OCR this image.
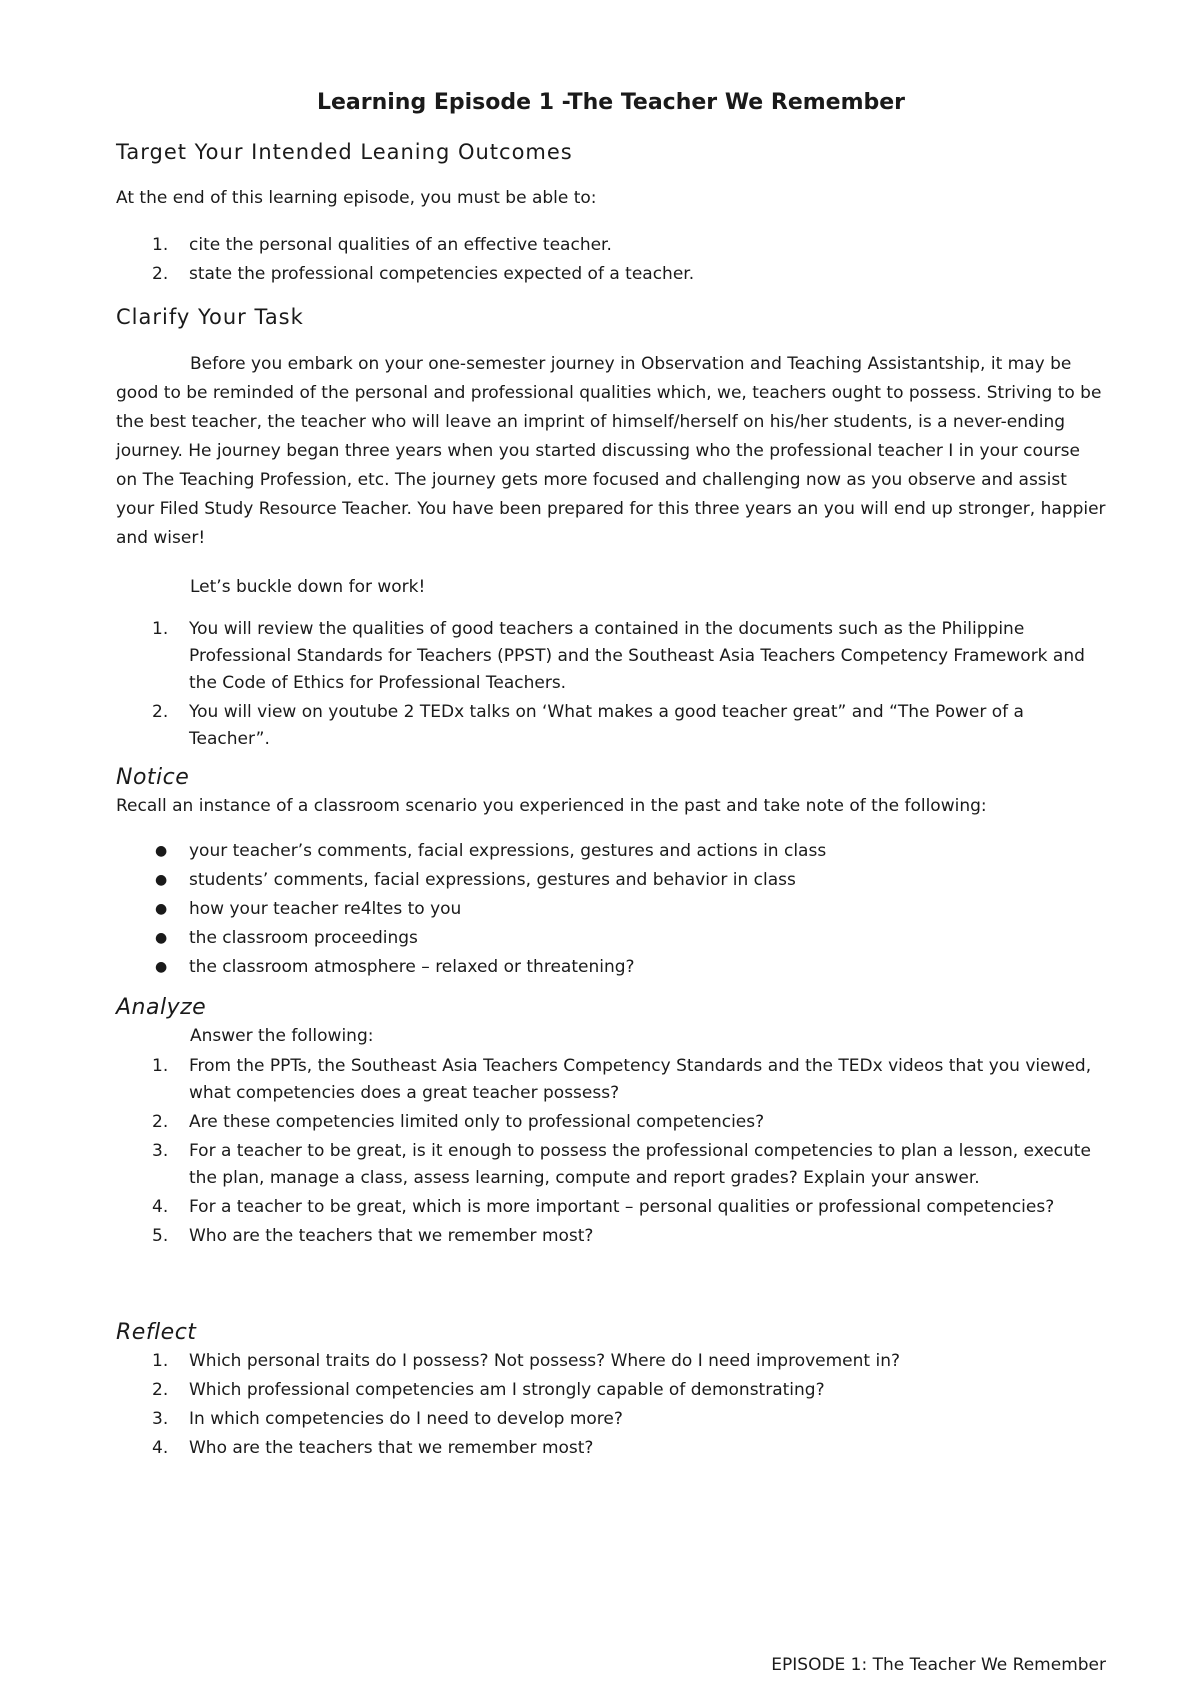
Learning Episode 1 -The Teacher We Remember
Target Your Intended Leaning Outcomes

At the end of this learning episode, you must be able to:

1. cite the personal qualities of an effective teacher.
2. state the professional competencies expected of a teacher.
Clarify Your Task

Before you embark on your one-semester journey in Observation and Teaching Assistantship, it may be good to be reminded of the personal and professional qualities which, we, teachers ought to possess. Striving to be the best teacher, the teacher who will leave an imprint of himself/herself on his/her students, is a never-ending journey. He journey began three years when you started discussing who the professional teacher I in your course on The Teaching Profession, etc. The journey gets more focused and challenging now as you observe and assist your Filed Study Resource Teacher. You have been prepared for this three years an you will end up stronger, happier and wiser!

Let’s buckle down for work!

1. You will review the qualities of good teachers a contained in the documents such as the Philippine Professional Standards for Teachers (PPST) and the Southeast Asia Teachers Competency Framework and the Code of Ethics for Professional Teachers.
2. You will view on youtube 2 TEDx talks on ‘What makes a good teacher great” and “The Power of a Teacher”.
Notice

Recall an instance of a classroom scenario you experienced in the past and take note of the following:

● your teacher’s comments, facial expressions, gestures and actions in class
● students’ comments, facial expressions, gestures and behavior in class
● how your teacher re4ltes to you
● the classroom proceedings
● the classroom atmosphere – relaxed or threatening?
Analyze

Answer the following:

1. From the PPTs, the Southeast Asia Teachers Competency Standards and the TEDx videos that you viewed, what competencies does a great teacher possess?
2. Are these competencies limited only to professional competencies?
3. For a teacher to be great, is it enough to possess the professional competencies to plan a lesson, execute the plan, manage a class, assess learning, compute and report grades? Explain your answer.
4. For a teacher to be great, which is more important – personal qualities or professional competencies?
5. Who are the teachers that we remember most?
Reflect
1. Which personal traits do I possess? Not possess? Where do I need improvement in?
2. Which professional competencies am I strongly capable of demonstrating?
3. In which competencies do I need to develop more?
4. Who are the teachers that we remember most?

EPISODE 1: The Teacher We Remember
